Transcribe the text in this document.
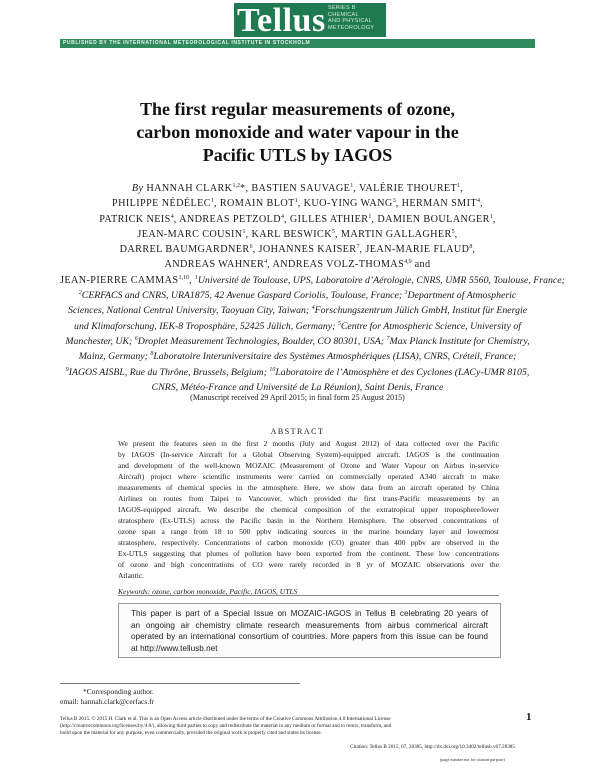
Tellus SERIES B
CHEMICAL
AND PHYSICAL
METEOROLOGY
PUBLISHED BY THE INTERNATIONAL METEOROLOGICAL INSTITUTE IN STOCKHOLM
The first regular measurements of ozone,
carbon monoxide and water vapour in the
Pacific UTLS by IAGOS
By HANNAH CLARK$^{1,2}$*, BASTIEN SAUVAGE$^1$, VALÉRIE THOURET$^1$,
PHILIPPE NÉDÉLEC$^1$, ROMAIN BLOT$^1$, KUO-YING WANG$^3$, HERMAN SMIT$^4$,
PATRICK NEIS$^4$, ANDREAS PETZOLD$^4$, GILLES ATHIER$^1$, DAMIEN BOULANGER$^1$,
JEAN-MARC COUSIN$^1$, KARL BESWICK$^5$, MARTIN GALLAGHER$^5$,
DARREL BAUMGARDNER$^6$, JOHANNES KAISER$^7$, JEAN-MARIE FLAUD$^8$,
ANDREAS WAHNER$^4$, ANDREAS VOLZ-THOMAS$^{4,9}$ and
JEAN-PIERRE CAMMAS$^{1,10}$, $^1$Université de Toulouse, UPS, Laboratoire d’Aérologie, CNRS, UMR 5560, Toulouse, France;
$^2$CERFACS and CNRS, URA1875, 42 Avenue Gaspard Coriolis, Toulouse, France; $^3$Department of Atmospheric Sciences, National Central University, Taoyuan City, Taiwan; $^4$Forschungszentrum Jülich GmbH, Institut für Energie und Klimaforschung, IEK-8 Troposphäre, 52425 Jülich, Germany; $^5$Centre for Atmospheric Science, University of Manchester, UK; $^6$Droplet Measurement Technologies, Boulder, CO 80301, USA; $^7$Max Planck Institute for Chemistry, Mainz, Germany; $^8$Laboratoire Interuniversitaire des Systèmes Atmosphériques (LISA), CNRS, Créteil, France; $^9$IAGOS AISBL, Rue du Thrône, Brussels, Belgium; $^{10}$Laboratoire de l’Atmosphère et des Cyclones (LACy-UMR 8105, CNRS, Météo-France and Université de La Réunion), Saint Denis, France
(Manuscript received 29 April 2015; in final form 25 August 2015)
ABSTRACT
We present the features seen in the first 2 months (July and August 2012) of data collected over the Pacific
by IAGOS (In-service Aircraft for a Global Observing System)-equipped aircraft. IAGOS is the continuation
and development of the well-known MOZAIC (Measurement of Ozone and Water Vapour on Airbus in-service
Aircraft) project where scientific instruments were carried on commercially operated A340 aircraft to make
measurements of chemical species in the atmosphere. Here, we show data from an aircraft operated by China
Airlines on routes from Taipei to Vancouver, which provided the first trans-Pacific measurements by an
IAGOS-equipped aircraft. We describe the chemical composition of the extratropical upper troposphere/lower
stratosphere (Ex-UTLS) across the Pacific basin in the Northern Hemisphere. The observed concentrations of
ozone span a range from 18 to 500 ppbv indicating sources in the marine boundary layer and lowermost
stratosphere, respectively. Concentrations of carbon monoxide (CO) greater than 400 ppbv are observed in the
Ex-UTLS suggesting that plumes of pollution have been exported from the continent. These low concentrations
of ozone and high concentrations of CO were rarely recorded in 8 yr of MOZAIC observations over the
Atlantic.
Keywords: ozone, carbon monoxide, Pacific, IAGOS, UTLS
This paper is part of a Special Issue on MOZAIC-IAGOS in Tellus B celebrating 20 years of
an ongoing air chemistry climate research measurements from airbus commerical aircraft
operated by an international consortium of countries. More papers from this issue can be found
at http://www.tellusb.net
*Corresponding author.
email: hannah.clark@cerfacs.fr
Tellus B 2015. © 2015 H. Clark et al. This is an Open Access article distributed under the terms of the Creative Commons Attribution 4.0 International License
(http://creativecommons.org/licenses/by/4.0/), allowing third parties to copy and redistribute the material in any medium or format and to remix, transform, and
build upon the material for any purpose, even commercially, provided the original work is properly cited and states its license.
Citation: Tellus B 2015, 67, 28385, http://dx.doi.org/10.3402/tellusb.v67.28385
1
(page number not for citation purpose)
